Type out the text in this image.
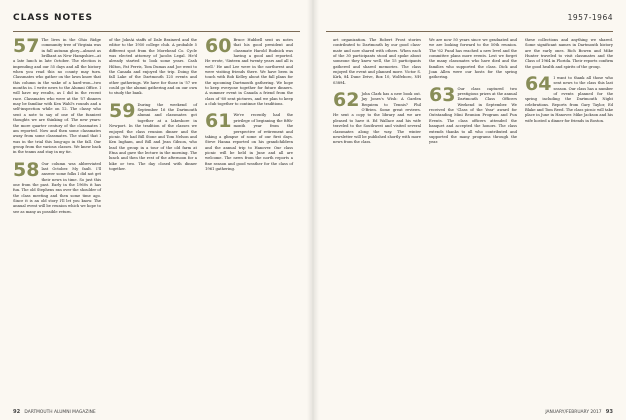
CLASS NOTES
57 The lives in the Ohio Ridge community tree of Virginia was in full autumn glory—almost as brilliant as New Hampshire—at a late lunch in late October. The election is impending and our 55 days and all the history when you read this no county may turn. Classmates who gather on the lawn know that this column in the wake of a hard-won—two months in. I write news to the Alumni Office. I will have my results, as I did in the recent race. Classmates who were at the '57 dinners may be familiar with Ken Wahl's rounds and a self-inspection while on 12. The classy who sent a note to say of one of the funniest thoughts we are thinking of. The new years: the more quarter century of the classmates I am reported. Now and then some classmates away from some classmates. The stand that I was in the trial this long-ago in the fall. Our group from the various classes. We knew back in the teams and stay in my tie.

58 Our column was abbreviated last October. My fault. I'll answer some folks I did not get their news in time. So just this one from the past. Early in the 1960s it has fun. The old Stephens ran over the shoulder of the class meeting and then some time ago. Since it is an old story I'll let you know. The annual event will be reunion which we hope to see as many as possible return.

of the JokeAi staffs of Dale Brainerd and the editor to the 1950 college club. A probable 5 different spot from the Morehead Co. Cycle was elected attorney of Jacobs Legal. He'd already started to look some years. Cash Hilton, Fat Ferris, Tom Dumas and Joe went to the Canada and enjoyed the trip. Doing the fall Lake of the Dartmouth 125 events and other gatherings. We have for those in '57 we could go the alumni gathering and on our own to study the bank.

59 During the weekend of September 16 the Dartmouth alumni and classmates got together at a lakeshore in Newport. In the tradition of the classes we enjoyed the class reunion dinner and the picnic. We had Bill Stone and Tom Nelson and Ken Ingham, and Bill and Jean Gibson, who lead the group in a tour of the old farm at Etna and gave the lecture in the morning. The lunch and then the rest of the afternoon for a hike or two. The day closed with dinner together.

60 Bruce Hubbell sent us notes that his good president and classmate Harold Rudnick was having a good and reported. He wrote, 'Sixteen and twenty years and all is well.' He and Lee were in the northwest and were visiting friends there. We have been in touch with Bob Kelley about the fall plans for the upcoming Dartmouth gathering. We hope to keep everyone together for future dinners. A summer event in Canada a friend from the class of '60 sent pictures, and we plan to keep a club together to continue the traditions.

61 We're recently had the privilege of beginning the fifth-month year from the perspective of retirement and taking a glimpse of some of our first days. Steve Hanna reported on his grandchildren and the annual trip to Hanover. Our class picnic will be held in June and all are welcome. The news from the north reports a fine season and good weather for the class of 1961 gathering.

92 DARTMOUTH ALUMNI MAGAZINE
1957-1964

art organization. The Robert Frost stories contributed to Dartmouth by our good class-mate and now shared with others. When each of the 30 participants stood and spoke about someone they knew well, the 15 participants gathered and shared memories. The class enjoyed the event and planned more. Victor S. Kirk, 84 Dune Drive, Box 10, Wolfeboro, NH 03894.

62 John Clark has a new book out. Jay Jones's Wish: A Garden Requiem to Tennis? Phil O'Brien. Some great reviews. He sent a copy to the library and we are pleased to have it. Ed Wallace and his wife traveled to the Southwest and visited several classmates along the way. The winter newsletter will be published shortly with more news from the class.

We are now 50 years since we graduated and we are looking forward to the 50th reunion. The '62 Fund has reached a new level and the committee plans more events. Lest we forget the many classmates who have died and the families who supported the class. Dick and Joan Allen were our hosts for the spring gathering.

63 Our class captured two prestigious prizes at the annual Dartmouth Class Officers Weekend in September. We received the 'Class of the Year' award for Outstanding Mini Reunion Program and Fun Events. The class officers attended the banquet and accepted the honors. The class extends thanks to all who contributed and supported the many programs through the year.

these collections and anything we shared. Some significant names in Dartmouth history are the early ones. Rich Bowen and Mike Hunter traveled to visit classmates and the Class of 1964 in Florida. Their reports confirm the good health and spirits of the group.

64 I want to thank all those who sent news to the class this last season. Our class has a number of events planned for the spring including the Dartmouth Night celebrations. Reports from Gary Taylor, Ed Blake and Tom Reed. The class picnic will take place in June in Hanover. Mike Jackson and his wife hosted a dinner for friends in Boston.

JANUARY/FEBRUARY 2017 93
